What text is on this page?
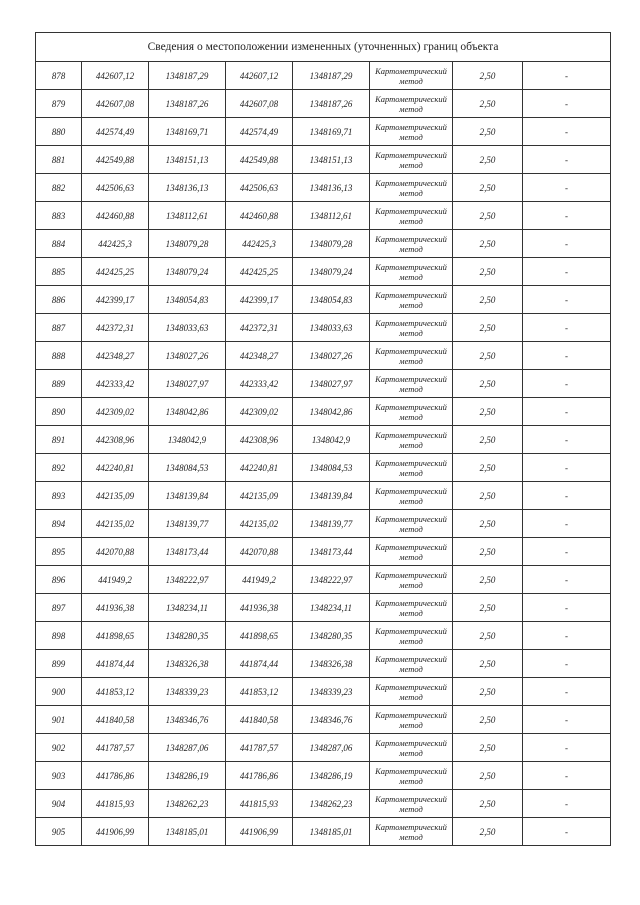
Сведения о местоположении измененных (уточненных) границ объекта							
878	442607,12	1348187,29	442607,12	1348187,29	Картометрический метод	2,50	-
879	442607,08	1348187,26	442607,08	1348187,26	Картометрический метод	2,50	-
880	442574,49	1348169,71	442574,49	1348169,71	Картометрический метод	2,50	-
881	442549,88	1348151,13	442549,88	1348151,13	Картометрический метод	2,50	-
882	442506,63	1348136,13	442506,63	1348136,13	Картометрический метод	2,50	-
883	442460,88	1348112,61	442460,88	1348112,61	Картометрический метод	2,50	-
884	442425,3	1348079,28	442425,3	1348079,28	Картометрический метод	2,50	-
885	442425,25	1348079,24	442425,25	1348079,24	Картометрический метод	2,50	-
886	442399,17	1348054,83	442399,17	1348054,83	Картометрический метод	2,50	-
887	442372,31	1348033,63	442372,31	1348033,63	Картометрический метод	2,50	-
888	442348,27	1348027,26	442348,27	1348027,26	Картометрический метод	2,50	-
889	442333,42	1348027,97	442333,42	1348027,97	Картометрический метод	2,50	-
890	442309,02	1348042,86	442309,02	1348042,86	Картометрический метод	2,50	-
891	442308,96	1348042,9	442308,96	1348042,9	Картометрический метод	2,50	-
892	442240,81	1348084,53	442240,81	1348084,53	Картометрический метод	2,50	-
893	442135,09	1348139,84	442135,09	1348139,84	Картометрический метод	2,50	-
894	442135,02	1348139,77	442135,02	1348139,77	Картометрический метод	2,50	-
895	442070,88	1348173,44	442070,88	1348173,44	Картометрический метод	2,50	-
896	441949,2	1348222,97	441949,2	1348222,97	Картометрический метод	2,50	-
897	441936,38	1348234,11	441936,38	1348234,11	Картометрический метод	2,50	-
898	441898,65	1348280,35	441898,65	1348280,35	Картометрический метод	2,50	-
899	441874,44	1348326,38	441874,44	1348326,38	Картометрический метод	2,50	-
900	441853,12	1348339,23	441853,12	1348339,23	Картометрический метод	2,50	-
901	441840,58	1348346,76	441840,58	1348346,76	Картометрический метод	2,50	-
902	441787,57	1348287,06	441787,57	1348287,06	Картометрический метод	2,50	-
903	441786,86	1348286,19	441786,86	1348286,19	Картометрический метод	2,50	-
904	441815,93	1348262,23	441815,93	1348262,23	Картометрический метод	2,50	-
905	441906,99	1348185,01	441906,99	1348185,01	Картометрический метод	2,50	-
